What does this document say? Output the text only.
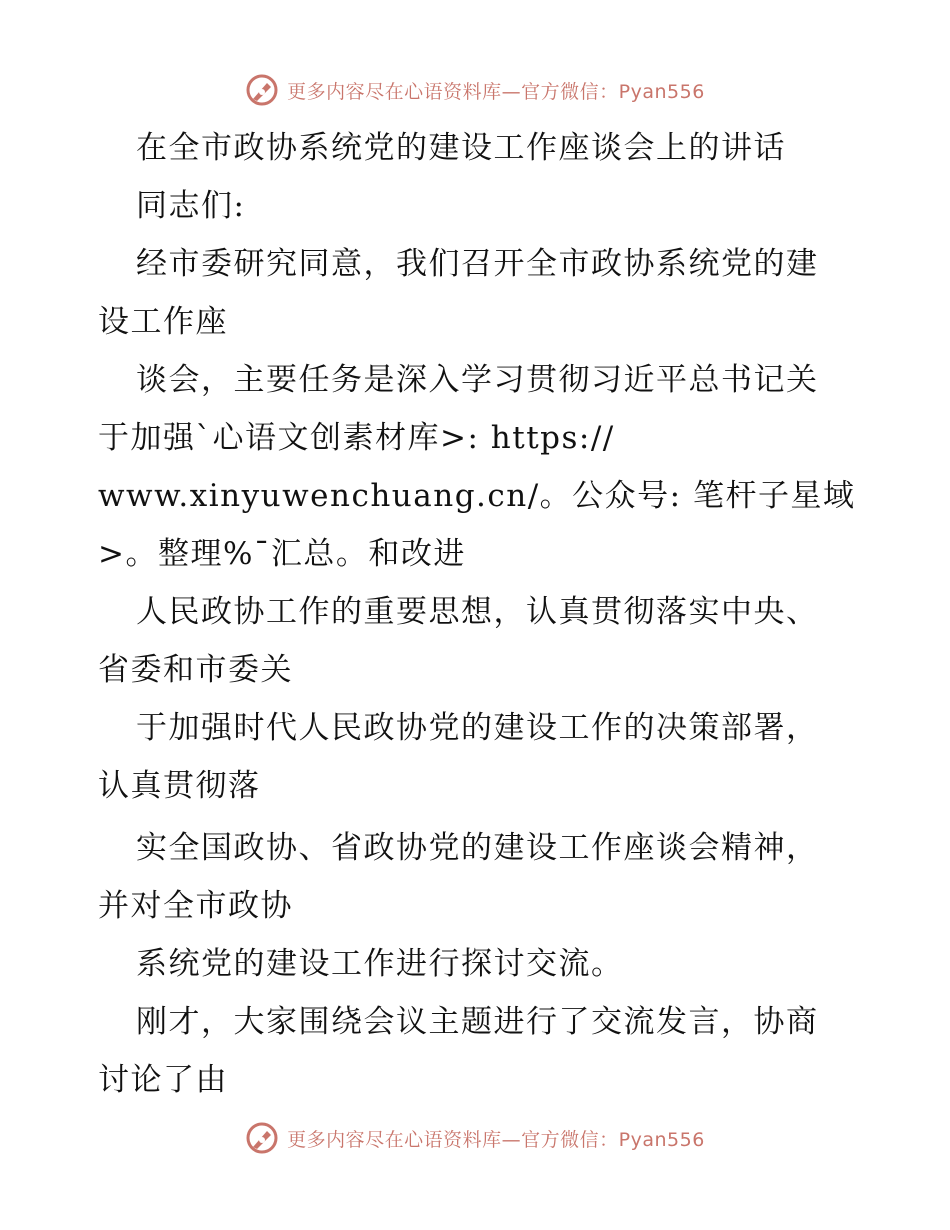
更多内容尽在心语资料库—官方微信：Pyan556
在全市政协系统党的建设工作座谈会上的讲话
同志们:
经市委研究同意，我们召开全市政协系统党的建
设工作座
谈会，主要任务是深入学习贯彻习近平总书记关
于加强`心语文创素材库>: https://
www.xinyuwenchuang.cn/。公众号: 笔杆子星域
>。整理%¯汇总。和改进
人民政协工作的重要思想，认真贯彻落实中央、
省委和市委关
于加强时代人民政协党的建设工作的决策部署，
认真贯彻落
实全国政协、省政协党的建设工作座谈会精神，
并对全市政协
系统党的建设工作进行探讨交流。
刚才，大家围绕会议主题进行了交流发言，协商
讨论了由
更多内容尽在心语资料库—官方微信：Pyan556
